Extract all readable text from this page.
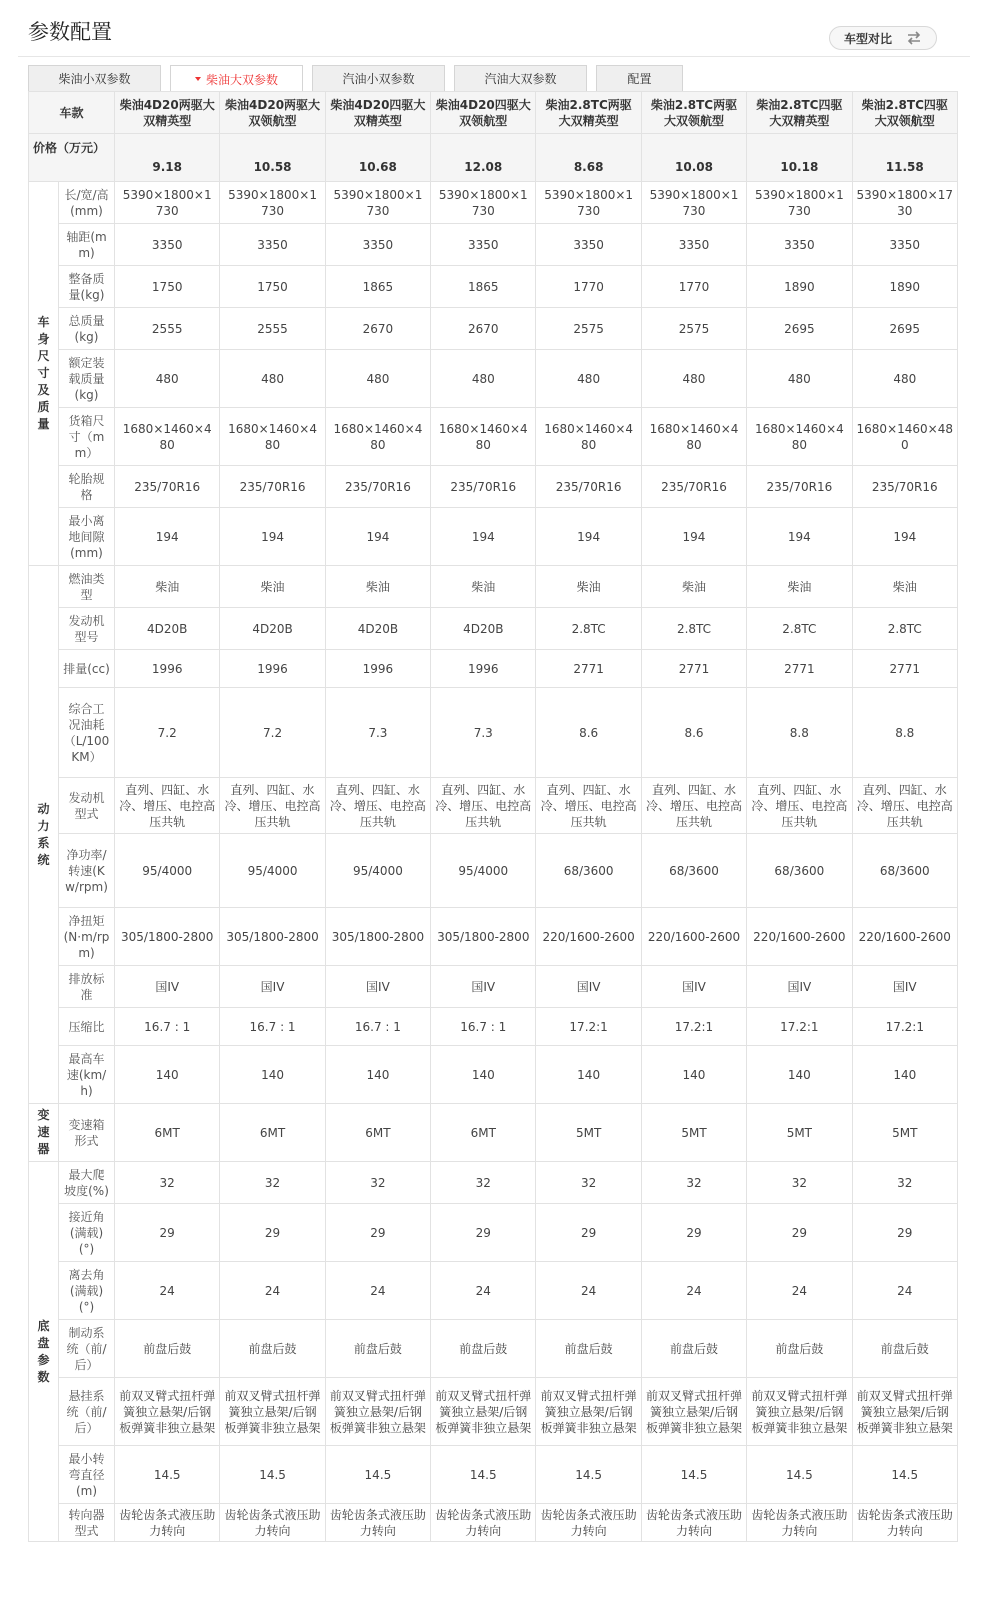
参数配置	车型对比
柴油小双参数	柴油大双参数	汽油小双参数	汽油大双参数	配置
车款		柴油4D20两驱大双精英型	柴油4D20两驱大双领航型	柴油4D20四驱大双精英型	柴油4D20四驱大双领航型	柴油2.8TC两驱大双精英型	柴油2.8TC两驱大双领航型	柴油2.8TC四驱大双精英型	柴油2.8TC四驱大双领航型
价格（万元）		9.18	10.58	10.68	12.08	8.68	10.08	10.18	11.58
车身尺寸及质量	长/宽/高(mm)	5390×1800×1730	5390×1800×1730	5390×1800×1730	5390×1800×1730	5390×1800×1730	5390×1800×1730	5390×1800×1730	5390×1800×1730
	轴距(mm)	3350	3350	3350	3350	3350	3350	3350	3350
	整备质量(kg)	1750	1750	1865	1865	1770	1770	1890	1890
	总质量(kg)	2555	2555	2670	2670	2575	2575	2695	2695
	额定装载质量(kg)	480	480	480	480	480	480	480	480
	货箱尺寸（mm）	1680×1460×480	1680×1460×480	1680×1460×480	1680×1460×480	1680×1460×480	1680×1460×480	1680×1460×480	1680×1460×480
	轮胎规格	235/70R16	235/70R16	235/70R16	235/70R16	235/70R16	235/70R16	235/70R16	235/70R16
	最小离地间隙(mm)	194	194	194	194	194	194	194	194
动力系统	燃油类型	柴油	柴油	柴油	柴油	柴油	柴油	柴油	柴油
	发动机型号	4D20B	4D20B	4D20B	4D20B	2.8TC	2.8TC	2.8TC	2.8TC
	排量(cc)	1996	1996	1996	1996	2771	2771	2771	2771
	综合工况油耗（L/100KM）	7.2	7.2	7.3	7.3	8.6	8.6	8.8	8.8
	发动机型式	直列、四缸、水冷、增压、电控高压共轨	直列、四缸、水冷、增压、电控高压共轨	直列、四缸、水冷、增压、电控高压共轨	直列、四缸、水冷、增压、电控高压共轨	直列、四缸、水冷、增压、电控高压共轨	直列、四缸、水冷、增压、电控高压共轨	直列、四缸、水冷、增压、电控高压共轨	直列、四缸、水冷、增压、电控高压共轨
	净功率/转速(Kw/rpm)	95/4000	95/4000	95/4000	95/4000	68/3600	68/3600	68/3600	68/3600
	净扭矩(N·m/rpm)	305/1800-2800	305/1800-2800	305/1800-2800	305/1800-2800	220/1600-2600	220/1600-2600	220/1600-2600	220/1600-2600
	排放标准	国IV	国IV	国IV	国IV	国IV	国IV	国IV	国IV
	压缩比	16.7 : 1	16.7 : 1	16.7 : 1	16.7 : 1	17.2:1	17.2:1	17.2:1	17.2:1
	最高车速(km/h)	140	140	140	140	140	140	140	140
变速器	变速箱形式	6MT	6MT	6MT	6MT	5MT	5MT	5MT	5MT
底盘参数	最大爬坡度(%)	32	32	32	32	32	32	32	32
	接近角(满载)(°)	29	29	29	29	29	29	29	29
	离去角(满载)(°)	24	24	24	24	24	24	24	24
	制动系统（前/后）	前盘后鼓	前盘后鼓	前盘后鼓	前盘后鼓	前盘后鼓	前盘后鼓	前盘后鼓	前盘后鼓
	悬挂系统（前/后）	前双叉臂式扭杆弹簧独立悬架/后钢板弹簧非独立悬架	前双叉臂式扭杆弹簧独立悬架/后钢板弹簧非独立悬架	前双叉臂式扭杆弹簧独立悬架/后钢板弹簧非独立悬架	前双叉臂式扭杆弹簧独立悬架/后钢板弹簧非独立悬架	前双叉臂式扭杆弹簧独立悬架/后钢板弹簧非独立悬架	前双叉臂式扭杆弹簧独立悬架/后钢板弹簧非独立悬架	前双叉臂式扭杆弹簧独立悬架/后钢板弹簧非独立悬架	前双叉臂式扭杆弹簧独立悬架/后钢板弹簧非独立悬架
	最小转弯直径(m)	14.5	14.5	14.5	14.5	14.5	14.5	14.5	14.5
	转向器型式	齿轮齿条式液压助力转向	齿轮齿条式液压助力转向	齿轮齿条式液压助力转向	齿轮齿条式液压助力转向	齿轮齿条式液压助力转向	齿轮齿条式液压助力转向	齿轮齿条式液压助力转向	齿轮齿条式液压助力转向
